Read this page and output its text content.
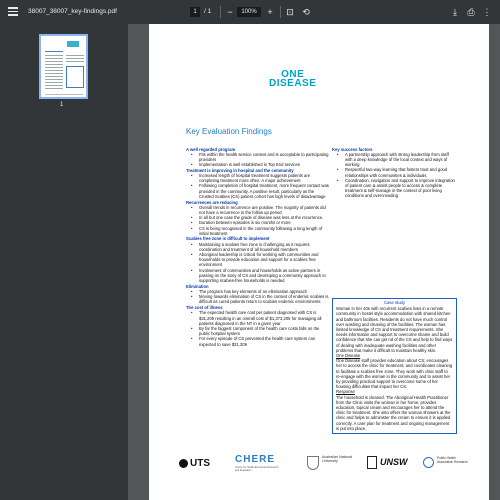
38007_38007_key-findings.pdf	1	/ 1	−	100%	+	⊡ ⟲	⤓	⎙ ⋮
1
ONE
DISEASE
Key Evaluation Findings
A well regarded program
• Fits within the health service context and is acceptable to participating providers
• Implementation is well established in Top End services
Treatment is improving in hospital and the community
• Increased length of hospital treatment suggests patients are completing treatment more often. A major achievement
• Following completion of hospital treatment, more frequent contact was provided in the community. A positive result, particularly as the Crusted Scabies (CS) patient cohort has high levels of disadvantage
Recurrences are reducing
• Overall trends in recurrence are positive. The majority of patients did not have a recurrence in the follow up period
• In all but one case the grade of disease was less at the recurrence.
• Duration between episodes is six months or more
• CS is being recognised in the community following a long length of initial treatment
Scabies free zone is difficult to implement
• Maintaining a scabies free zone is challenging as it requires coordination and treatment of all household members
• Aboriginal leadership is critical for working with communities and households to provide education and support for a scabies free environment
• Involvement of communities and households as active partners in passing on the story of CS and developing a community approach to supporting scabies-free households is needed
Elimination
• The program has key elements of an elimination approach
• Moving towards elimination of CS in the context of endemic scabies is difficult as cured patients return to scabies endemic environments
The cost of illness
• The expected health care cost per patient diagnosed with CS is $31,209 resulting in an overall cost of $1,373,205 for managing all patients diagnosed in the NT in a given year
• By far the biggest component of the health care costs falls on the public hospital system
• For every episode of CS prevented the health care system can expected to save $31,209
Key success factors
• A partnership approach with strong leadership from staff with a deep knowledge of the local context and ways of working
• Respectful two-way learning that fosters trust and good relationships with communities & individuals
• Coordination, navigation and support to improve integration of patient care & assist people to access & complete treatment & self-manage in the context of poor living conditions and overcrowding
Case study
Woman in her 40s with recurrent scabies lives in a remote community in hostel style accommodation with shared kitchen and bathroom facilities. Residents do not have much control over washing and cleaning of the facilities. The woman has limited knowledge of CS and treatment requirements. She needs information and support to overcome shame and build confidence that she can get rid of the CS and help to find ways of dealing with inadequate washing facilities and other problems that make it difficult to maintain healthy skin.
One Disease
One Disease staff provides education about CS; encourages her to access the clinic for treatment; and coordinates cleaning to facilitate a scabies free zone. They work with clinic staff to re-engage with the woman in the community and to assist her by providing practical support to overcome some of her housing difficulties that impact her CS.
Response
The household is cleaned. The Aboriginal Health Practitioner from the Clinic visits the woman in her home, provides education, topical cream and encourages her to attend the clinic for treatment. She also offers the woman showers at the clinic and helps to administer the cream to ensure it is applied correctly. A care plan for treatment and ongoing management is put into place.
UTS	CHERE
Centre for Health Economics Research and Evaluation
Australian National University	UNSW	Public Health Association Research
